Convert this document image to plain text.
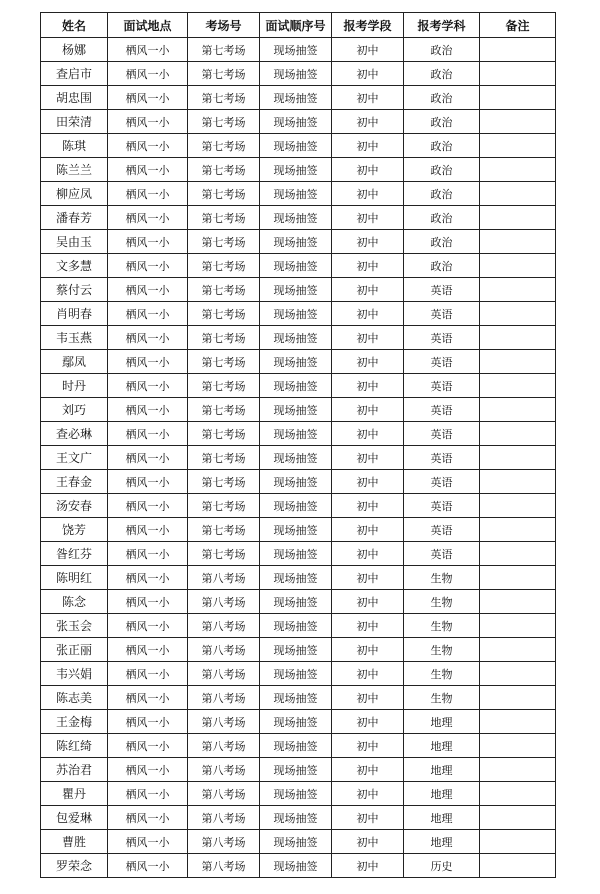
姓名	面试地点	考场号	面试顺序号	报考学段	报考学科	备注
杨娜	栖风一小	第七考场	现场抽签	初中	政治	
查启市	栖风一小	第七考场	现场抽签	初中	政治	
胡忠围	栖风一小	第七考场	现场抽签	初中	政治	
田荣清	栖风一小	第七考场	现场抽签	初中	政治	
陈琪	栖风一小	第七考场	现场抽签	初中	政治	
陈兰兰	栖风一小	第七考场	现场抽签	初中	政治	
柳应凤	栖风一小	第七考场	现场抽签	初中	政治	
潘春芳	栖风一小	第七考场	现场抽签	初中	政治	
吴由玉	栖风一小	第七考场	现场抽签	初中	政治	
文多慧	栖风一小	第七考场	现场抽签	初中	政治	
蔡付云	栖风一小	第七考场	现场抽签	初中	英语	
肖明春	栖风一小	第七考场	现场抽签	初中	英语	
韦玉燕	栖风一小	第七考场	现场抽签	初中	英语	
鄢凤	栖风一小	第七考场	现场抽签	初中	英语	
时丹	栖风一小	第七考场	现场抽签	初中	英语	
刘巧	栖风一小	第七考场	现场抽签	初中	英语	
查必琳	栖风一小	第七考场	现场抽签	初中	英语	
王文广	栖风一小	第七考场	现场抽签	初中	英语	
王春金	栖风一小	第七考场	现场抽签	初中	英语	
汤安春	栖风一小	第七考场	现场抽签	初中	英语	
饶芳	栖风一小	第七考场	现场抽签	初中	英语	
昝红芬	栖风一小	第七考场	现场抽签	初中	英语	
陈明红	栖风一小	第八考场	现场抽签	初中	生物	
陈念	栖风一小	第八考场	现场抽签	初中	生物	
张玉会	栖风一小	第八考场	现场抽签	初中	生物	
张正丽	栖风一小	第八考场	现场抽签	初中	生物	
韦兴娟	栖风一小	第八考场	现场抽签	初中	生物	
陈志美	栖风一小	第八考场	现场抽签	初中	生物	
王金梅	栖风一小	第八考场	现场抽签	初中	地理	
陈红绮	栖风一小	第八考场	现场抽签	初中	地理	
苏治君	栖风一小	第八考场	现场抽签	初中	地理	
瞿丹	栖风一小	第八考场	现场抽签	初中	地理	
包爱琳	栖风一小	第八考场	现场抽签	初中	地理	
曹胜	栖风一小	第八考场	现场抽签	初中	地理	
罗荣念	栖风一小	第八考场	现场抽签	初中	历史	
